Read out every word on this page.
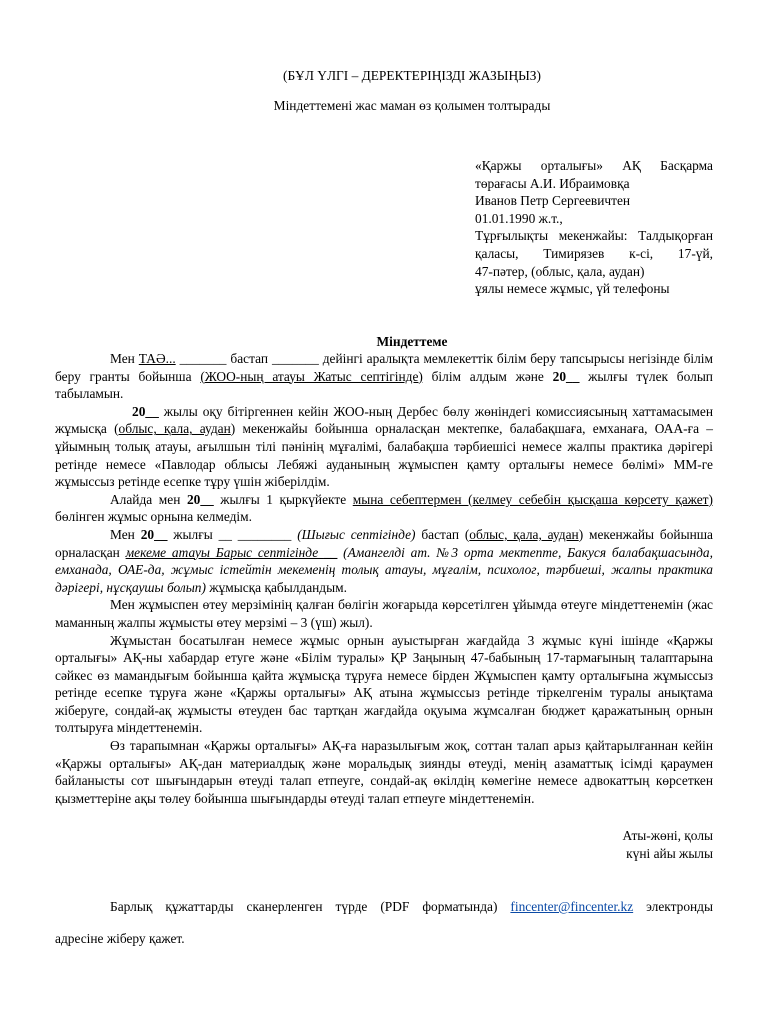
(БҰЛ ҮЛГІ – ДЕРЕКТЕРІҢІЗДІ ЖАЗЫҢЫЗ)
Міндеттемені жас маман өз қолымен толтырады
«Қаржы орталығы» АҚ Басқарма
төрағасы А.И. Ибраимовқа
Иванов Петр Сергеевичтен
01.01.1990 ж.т.,
Тұрғылықты мекенжайы: Талдықорған
қаласы, Тимирязев к-сі, 17-үй,
47-пәтер, (облыс, қала, аудан)
ұялы немесе жұмыс, үй телефоны
Міндеттеме

Мен ТАӘ... _______ бастап _______ дейінгі аралықта мемлекеттік білім беру тапсырысы негізінде білім беру гранты бойынша (ЖОО-ның атауы Жатыс септігінде) білім алдым және 20__ жылғы түлек болып табыламын.

20__ жылы оқу бітіргеннен кейін ЖОО-ның Дербес бөлу жөніндегі комиссиясының хаттамасымен жұмысқа (облыс, қала, аудан) мекенжайы бойынша орналасқан мектепке, балабақшаға, емханаға, ОАА-ға – ұйымның толық атауы, ағылшын тілі пәнінің мұғалімі, балабақша тәрбиешісі немесе жалпы практика дәрігері ретінде немесе «Павлодар облысы Лебяжі ауданының жұмыспен қамту орталығы немесе бөлімі» ММ-ге жұмыссыз ретінде есепке тұру үшін жіберілдім.

Алайда мен 20__ жылғы 1 қыркүйекте мына себептермен (келмеу себебін қысқаша көрсету қажет) бөлінген жұмыс орнына келмедім.

Мен 20__ жылғы __ ________ (Шығыс септігінде) бастап (облыс, қала, аудан) мекенжайы бойынша орналасқан мекеме атауы Барыс септігінде __ (Амангелді ат. №3 орта мектепте, Бакуся балабақшасында, емханада, ОАЕ-да, жұмыс істейтін мекеменің толық атауы, мұғалім, психолог, тәрбиеші, жалпы практика дәрігері, нұсқаушы болып) жұмысқа қабылдандым.

Мен жұмыспен өтеу мерзімінің қалған бөлігін жоғарыда көрсетілген ұйымда өтеуге міндеттенемін (жас маманның жалпы жұмысты өтеу мерзімі – 3 (үш) жыл).

Жұмыстан босатылған немесе жұмыс орнын ауыстырған жағдайда 3 жұмыс күні ішінде «Қаржы орталығы» АҚ-ны хабардар етуге және «Білім туралы» ҚР Заңының 47-бабының 17-тармағының талаптарына сәйкес өз мамандығым бойынша қайта жұмысқа тұруға немесе бірден Жұмыспен қамту орталығына жұмыссыз ретінде есепке тұруға және «Қаржы орталығы» АҚ атына жұмыссыз ретінде тіркелгенім туралы анықтама жіберуге, сондай-ақ жұмысты өтеуден бас тартқан жағдайда оқуыма жұмсалған бюджет қаражатының орнын толтыруға міндеттенемін.

Өз тарапымнан «Қаржы орталығы» АҚ-ға наразылығым жоқ, соттан талап арыз қайтарылғаннан кейін «Қаржы орталығы» АҚ-дан материалдық және моральдық зиянды өтеуді, менің азаматтық ісімді қараумен байланысты сот шығындарын өтеуді талап етпеуге, сондай-ақ өкілдің көмегіне немесе адвокаттың көрсеткен қызметтеріне ақы төлеу бойынша шығындарды өтеуді талап етпеуге міндеттенемін.

Аты-жөні, қолы
күні айы жылы
Барлық құжаттарды сканерленген түрде (PDF форматында) fincenter@fincenter.kz электронды
адресіне жіберу қажет.
